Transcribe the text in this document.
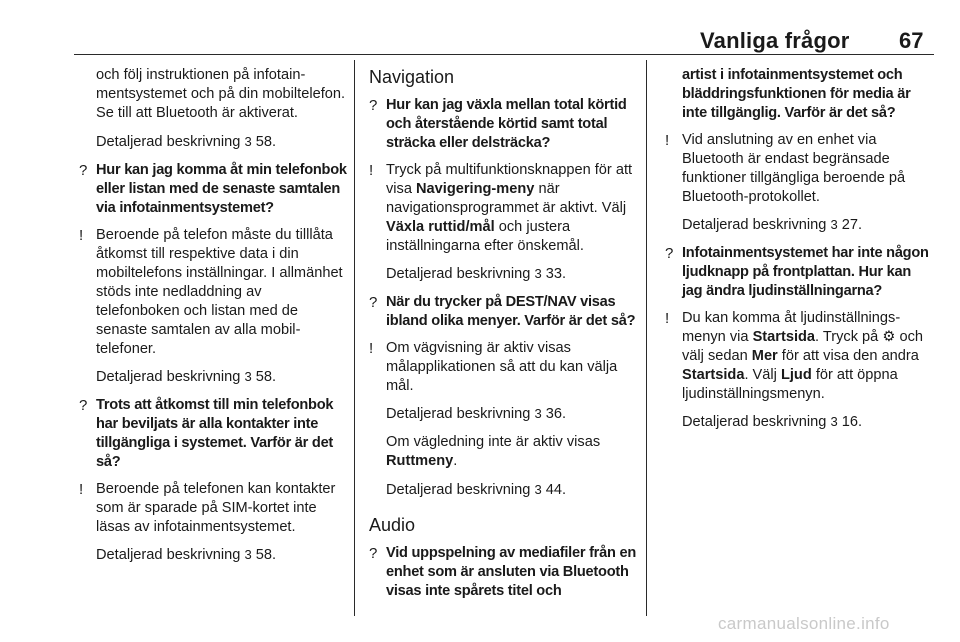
Vanliga frågor 67
och följ instruktionen på infotainmentsystemet och på din mobiltelefon. Se till att Bluetooth är aktiverat.
Detaljerad beskrivning 3 58.
? Hur kan jag komma åt min telefonbok eller listan med de senaste samtalen via infotainmentsystemet?
! Beroende på telefon måste du tilllåta åtkomst till respektive data i din mobiltelefons inställningar. I allmänhet stöds inte nedladdning av telefonboken och listan med de senaste samtalen av alla mobiltelefoner.
Detaljerad beskrivning 3 58.
? Trots att åtkomst till min telefonbok har beviljats är alla kontakter inte tillgängliga i systemet. Varför är det så?
! Beroende på telefonen kan kontakter som är sparade på SIM-kortet inte läsas av infotainmentsystemet.
Detaljerad beskrivning 3 58.
Navigation
? Hur kan jag växla mellan total körtid och återstående körtid samt total sträcka eller delsträcka?
! Tryck på multifunktionsknappen för att visa Navigering-meny när navigationsprogrammet är aktivt. Välj Växla ruttid/mål och justera inställningarna efter önskemål.
Detaljerad beskrivning 3 33.
? När du trycker på DEST/NAV visas ibland olika menyer. Varför är det så?
! Om vägvisning är aktiv visas målapplikationen så att du kan välja mål.
Detaljerad beskrivning 3 36.
Om vägledning inte är aktiv visas Ruttmeny.
Detaljerad beskrivning 3 44.
Audio
? Vid uppspelning av mediafiler från en enhet som är ansluten via Bluetooth visas inte spårets titel och
artist i infotainmentsystemet och bläddringsfunktionen för media är inte tillgänglig. Varför är det så?
! Vid anslutning av en enhet via Bluetooth är endast begränsade funktioner tillgängliga beroende på Bluetooth-protokollet.
Detaljerad beskrivning 3 27.
? Infotainmentsystemet har inte någon ljudknapp på frontplattan. Hur kan jag ändra ljudinställningarna?
! Du kan komma åt ljudinställningsmenyn via Startsida. Tryck på ⚙ och välj sedan Mer för att visa den andra Startsida. Välj Ljud för att öppna ljudinställningsmenyn.
Detaljerad beskrivning 3 16.
carmanualsonline.info
